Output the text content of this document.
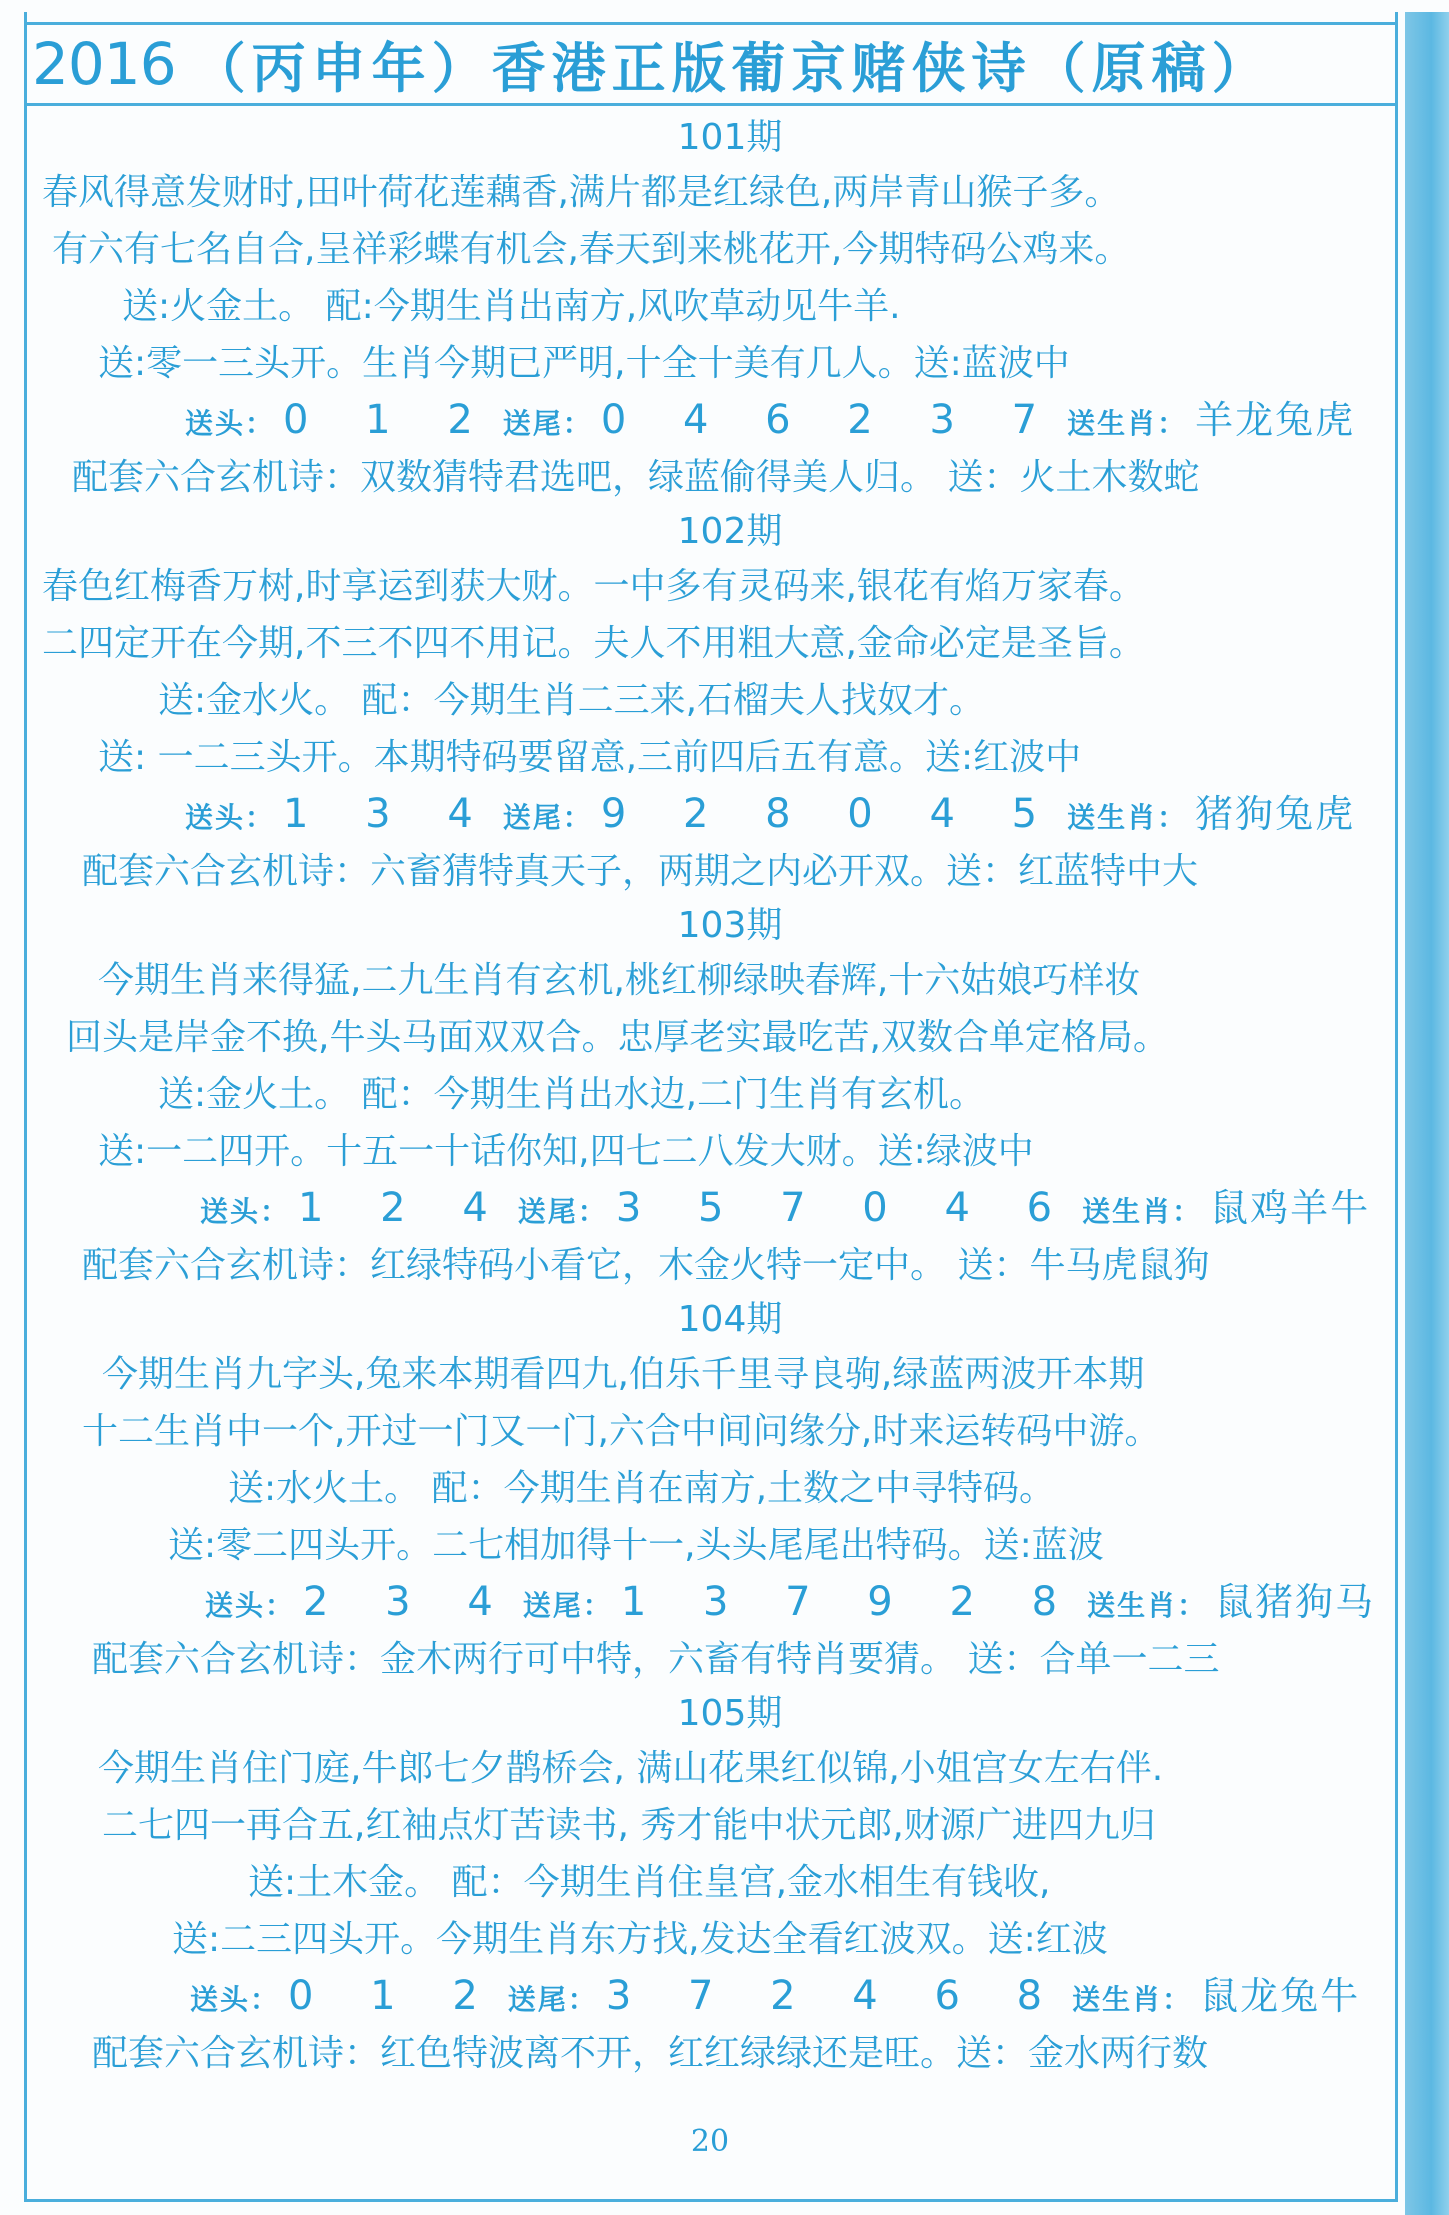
2016 （丙申年）香港正版葡京赌侠诗（原稿）
101期
春风得意发财时,田叶荷花莲藕香,满片都是红绿色,两岸青山猴子多。
有六有七名自合,呈祥彩蝶有机会,春天到来桃花开,今期特码公鸡来。
送:火金土。 配:今期生肖出南方,风吹草动见牛羊.
送:零一三头开。生肖今期已严明,十全十美有几人。送:蓝波中
送头： 0 1 2 送尾： 0 4 6 2 3 7 送生肖： 羊龙兔虎
配套六合玄机诗：双数猜特君选吧，绿蓝偷得美人归。 送：火土木数蛇
102期
春色红梅香万树,时享运到获大财。一中多有灵码来,银花有焰万家春。
二四定开在今期,不三不四不用记。夫人不用粗大意,金命必定是圣旨。
送:金水火。 配：今期生肖二三来,石榴夫人找奴才。
送: 一二三头开。本期特码要留意,三前四后五有意。送:红波中
送头： 1 3 4 送尾： 9 2 8 0 4 5 送生肖： 猪狗兔虎
配套六合玄机诗：六畜猜特真天子，两期之内必开双。送：红蓝特中大
103期
今期生肖来得猛,二九生肖有玄机,桃红柳绿映春辉,十六姑娘巧样妆
回头是岸金不换,牛头马面双双合。忠厚老实最吃苦,双数合单定格局。
送:金火土。 配：今期生肖出水边,二门生肖有玄机。
送:一二四开。十五一十话你知,四七二八发大财。送:绿波中
送头： 1 2 4 送尾： 3 5 7 0 4 6 送生肖： 鼠鸡羊牛
配套六合玄机诗：红绿特码小看它，木金火特一定中。 送：牛马虎鼠狗
104期
今期生肖九字头,兔来本期看四九,伯乐千里寻良驹,绿蓝两波开本期
十二生肖中一个,开过一门又一门,六合中间问缘分,时来运转码中游。
送:水火土。 配：今期生肖在南方,土数之中寻特码。
送:零二四头开。二七相加得十一,头头尾尾出特码。送:蓝波
送头： 2 3 4 送尾： 1 3 7 9 2 8 送生肖： 鼠猪狗马
配套六合玄机诗：金木两行可中特，六畜有特肖要猜。 送：合单一二三
105期
今期生肖住门庭,牛郎七夕鹊桥会, 满山花果红似锦,小姐宫女左右伴.
二七四一再合五,红袖点灯苦读书, 秀才能中状元郎,财源广进四九归
送:土木金。 配：今期生肖住皇宫,金水相生有钱收,
送:二三四头开。今期生肖东方找,发达全看红波双。送:红波
送头： 0 1 2 送尾： 3 7 2 4 6 8 送生肖： 鼠龙兔牛
配套六合玄机诗：红色特波离不开，红红绿绿还是旺。送：金水两行数
20
